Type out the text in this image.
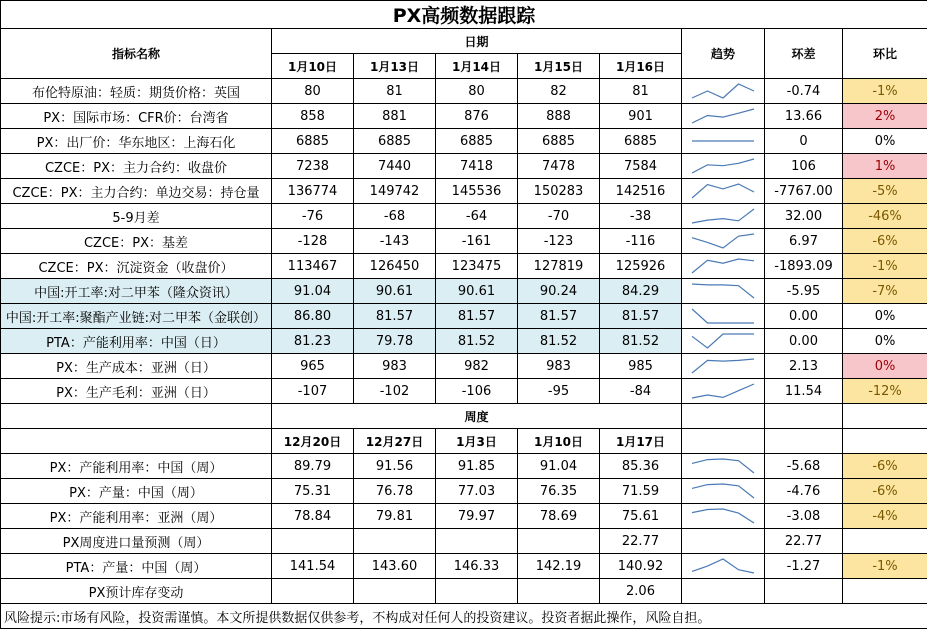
PX高频数据跟踪								
指标名称	日期					趋势	环差	环比
	1月10日	1月13日	1月14日	1月15日	1月16日			
布伦特原油：轻质：期货价格：英国	80	81	80	82	81		-0.74	-1%
PX：国际市场：CFR价：台湾省	858	881	876	888	901		13.66	2%
PX：出厂价：华东地区：上海石化	6885	6885	6885	6885	6885		0	0%
CZCE：PX：主力合约：收盘价	7238	7440	7418	7478	7584		106	1%
CZCE：PX：主力合约：单边交易：持仓量	136774	149742	145536	150283	142516		-7767.00	-5%
5-9月差	-76	-68	-64	-70	-38		32.00	-46%
CZCE：PX：基差	-128	-143	-161	-123	-116		6.97	-6%
CZCE：PX：沉淀资金（收盘价）	113467	126450	123475	127819	125926		-1893.09	-1%
中国:开工率:对二甲苯（隆众资讯）	91.04	90.61	90.61	90.24	84.29		-5.95	-7%
中国:开工率:聚酯产业链:对二甲苯（金联创）	86.80	81.57	81.57	81.57	81.57		0.00	0%
PTA：产能利用率：中国（日）	81.23	79.78	81.52	81.52	81.52		0.00	0%
PX：生产成本：亚洲（日）	965	983	982	983	985		2.13	0%
PX：生产毛利：亚洲（日）	-107	-102	-106	-95	-84		11.54	-12%
	周度							
	12月20日	12月27日	1月3日	1月10日	1月17日			
PX：产能利用率：中国（周）	89.79	91.56	91.85	91.04	85.36		-5.68	-6%
PX：产量：中国（周）	75.31	76.78	77.03	76.35	71.59		-4.76	-6%
PX：产能利用率：亚洲（周）	78.84	79.81	79.97	78.69	75.61		-3.08	-4%
PX周度进口量预测（周）					22.77		22.77	
PTA：产量：中国（周）	141.54	143.60	146.33	142.19	140.92		-1.27	-1%
PX预计库存变动					2.06	

风险提示:市场有风险，投资需谨慎。本文所提供数据仅供参考，不构成对任何人的投资建议。投资者据此操作，风险自担。								
